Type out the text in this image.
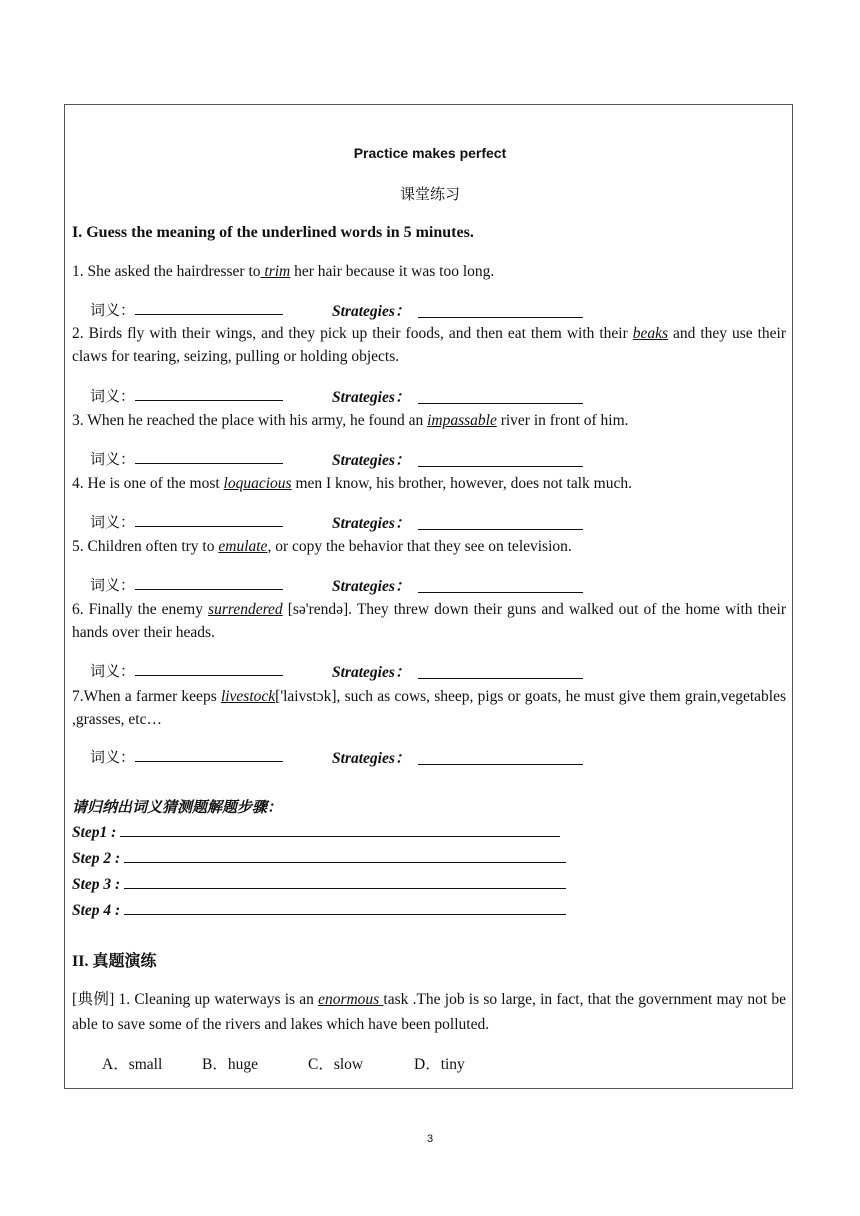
Practice makes perfect
课堂练习
I. Guess the meaning of the underlined words in 5 minutes.
1. She asked the hairdresser to trim her hair because it was too long.
词义：	Strategies：
2. Birds fly with their wings, and they pick up their foods, and then eat them with their beaks and they use their claws for tearing, seizing, pulling or holding objects.
词义：	Strategies：
3. When he reached the place with his army, he found an impassable river in front of him.
词义：	Strategies：
4. He is one of the most loquacious men I know, his brother, however, does not talk much.
词义：	Strategies：
5. Children often try to emulate, or copy the behavior that they see on television.
词义：	Strategies：
6. Finally the enemy surrendered [sə'rendə]. They threw down their guns and walked out of the home with their hands over their heads.
词义：	Strategies：
7.When a farmer keeps livestock['laivstɔk], such as cows, sheep, pigs or goats, he must give them grain,vegetables ,grasses, etc…
词义：	Strategies：
请归纳出词义猜测题解题步骤：
Step1 :
Step 2 :
Step 3 :
Step 4 :
II. 真题演练
[典例] 1. Cleaning up waterways is an enormous task .The job is so large, in fact, that the government may not be able to save some of the rivers and lakes which have been polluted.
A．small	B．huge	C．slow	D．tiny
3
